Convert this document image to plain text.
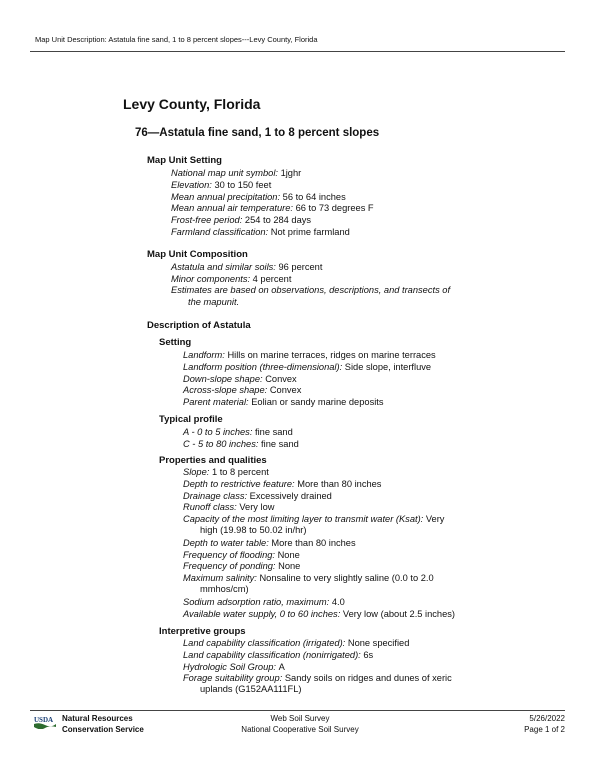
Map Unit Description: Astatula fine sand, 1 to 8 percent slopes---Levy County, Florida
Levy County, Florida
76—Astatula fine sand, 1 to 8 percent slopes
Map Unit Setting
National map unit symbol: 1jghr
Elevation: 30 to 150 feet
Mean annual precipitation: 56 to 64 inches
Mean annual air temperature: 66 to 73 degrees F
Frost-free period: 254 to 284 days
Farmland classification: Not prime farmland
Map Unit Composition
Astatula and similar soils: 96 percent
Minor components: 4 percent
Estimates are based on observations, descriptions, and transects of
the mapunit.
Description of Astatula
Setting
Landform: Hills on marine terraces, ridges on marine terraces
Landform position (three-dimensional): Side slope, interfluve
Down-slope shape: Convex
Across-slope shape: Convex
Parent material: Eolian or sandy marine deposits
Typical profile
A - 0 to 5 inches: fine sand
C - 5 to 80 inches: fine sand
Properties and qualities
Slope: 1 to 8 percent
Depth to restrictive feature: More than 80 inches
Drainage class: Excessively drained
Runoff class: Very low
Capacity of the most limiting layer to transmit water (Ksat): Very
high (19.98 to 50.02 in/hr)
Depth to water table: More than 80 inches
Frequency of flooding: None
Frequency of ponding: None
Maximum salinity: Nonsaline to very slightly saline (0.0 to 2.0
mmhos/cm)
Sodium adsorption ratio, maximum: 4.0
Available water supply, 0 to 60 inches: Very low (about 2.5 inches)
Interpretive groups
Land capability classification (irrigated): None specified
Land capability classification (nonirrigated): 6s
Hydrologic Soil Group: A
Forage suitability group: Sandy soils on ridges and dunes of xeric
uplands (G152AA111FL)
USDA Natural Resources
Conservation Service
Web Soil Survey
National Cooperative Soil Survey
5/26/2022
Page 1 of 2
